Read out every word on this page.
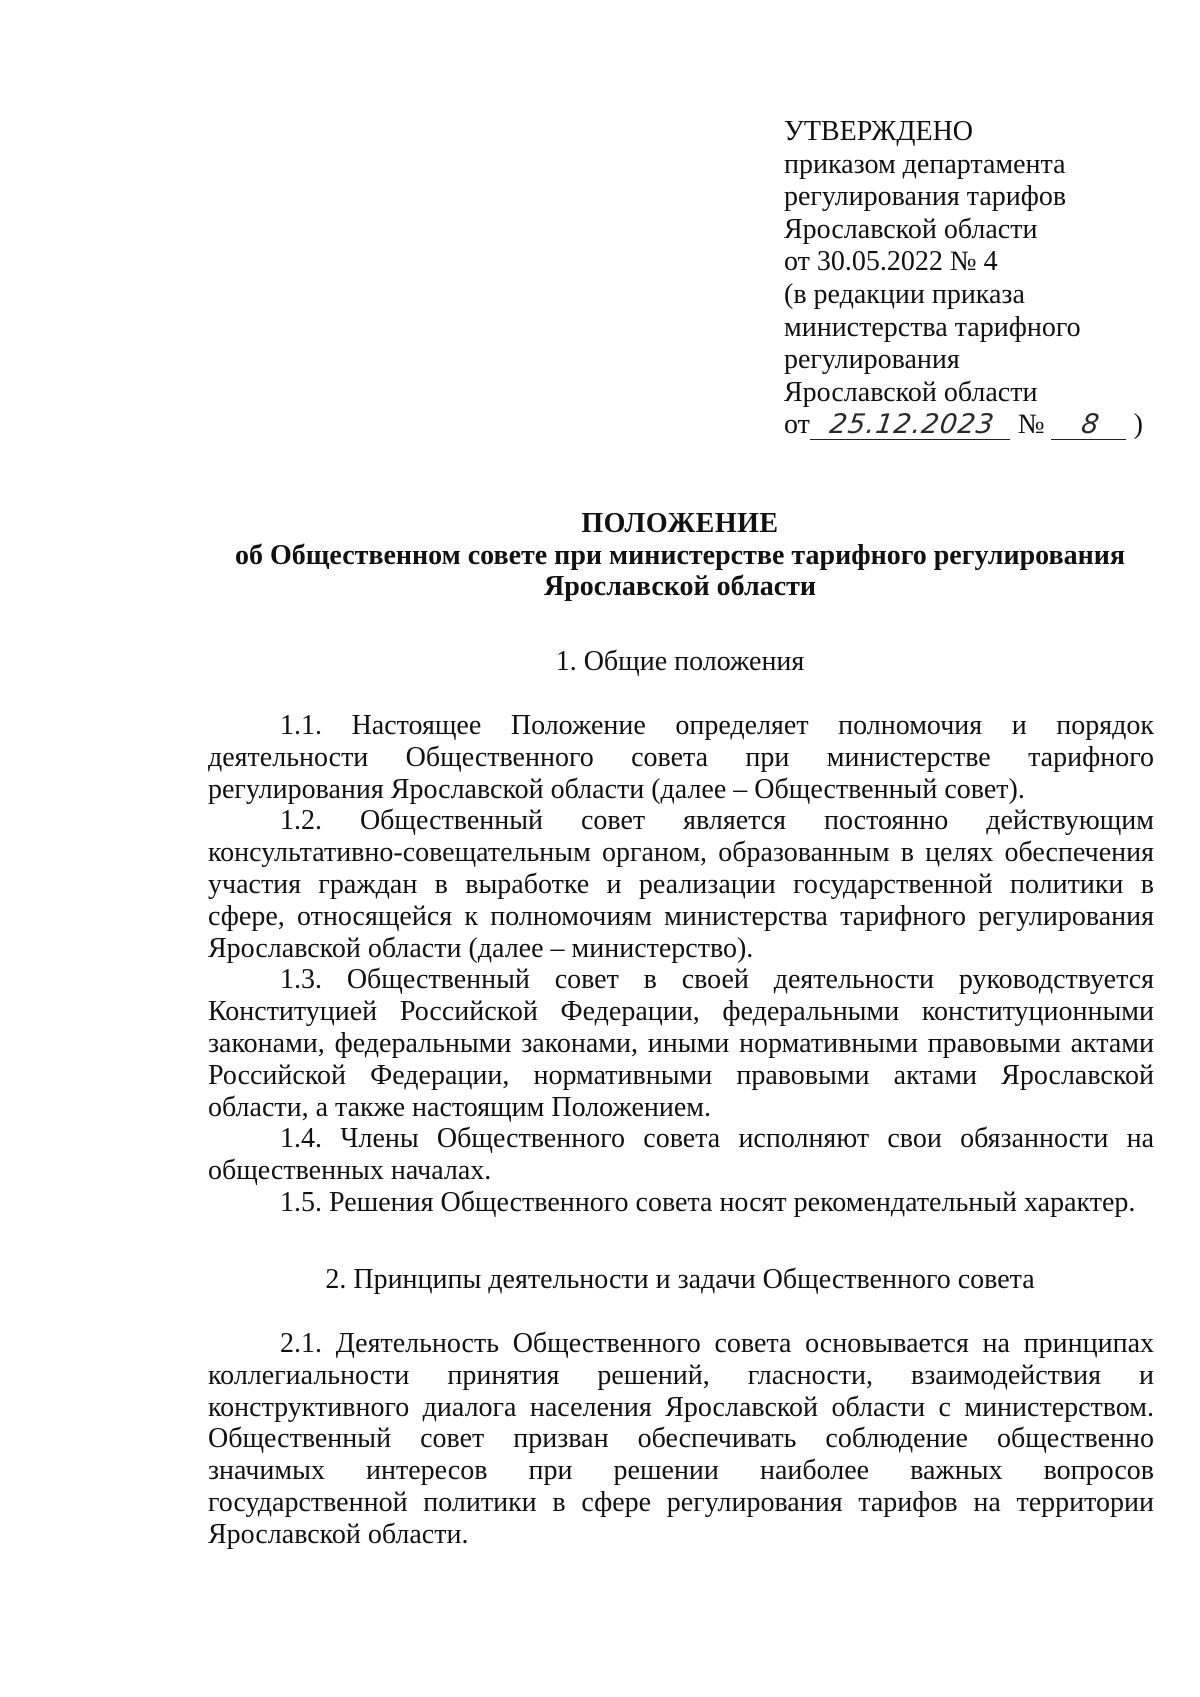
УТВЕРЖДЕНО
приказом департамента
регулирования тарифов
Ярославской области
от 30.05.2022 № 4
(в редакции приказа
министерства тарифного
регулирования
Ярославской области
от 25.12.2023 № 8 )
ПОЛОЖЕНИЕ
об Общественном совете при министерстве тарифного регулирования
Ярославской области
1. Общие положения

1.1. Настоящее Положение определяет полномочия и порядок деятельности Общественного совета при министерстве тарифного регулирования Ярославской области (далее – Общественный совет).

1.2. Общественный совет является постоянно действующим консультативно-совещательным органом, образованным в целях обеспечения участия граждан в выработке и реализации государственной политики в сфере, относящейся к полномочиям министерства тарифного регулирования Ярославской области (далее – министерство).

1.3. Общественный совет в своей деятельности руководствуется Конституцией Российской Федерации, федеральными конституционными законами, федеральными законами, иными нормативными правовыми актами Российской Федерации, нормативными правовыми актами Ярославской области, а также настоящим Положением.

1.4. Члены Общественного совета исполняют свои обязанности на общественных началах.

1.5. Решения Общественного совета носят рекомендательный характер.

2. Принципы деятельности и задачи Общественного совета

2.1. Деятельность Общественного совета основывается на принципах коллегиальности принятия решений, гласности, взаимодействия и конструктивного диалога населения Ярославской области с министерством. Общественный совет призван обеспечивать соблюдение общественно значимых интересов при решении наиболее важных вопросов государственной политики в сфере регулирования тарифов на территории Ярославской области.
